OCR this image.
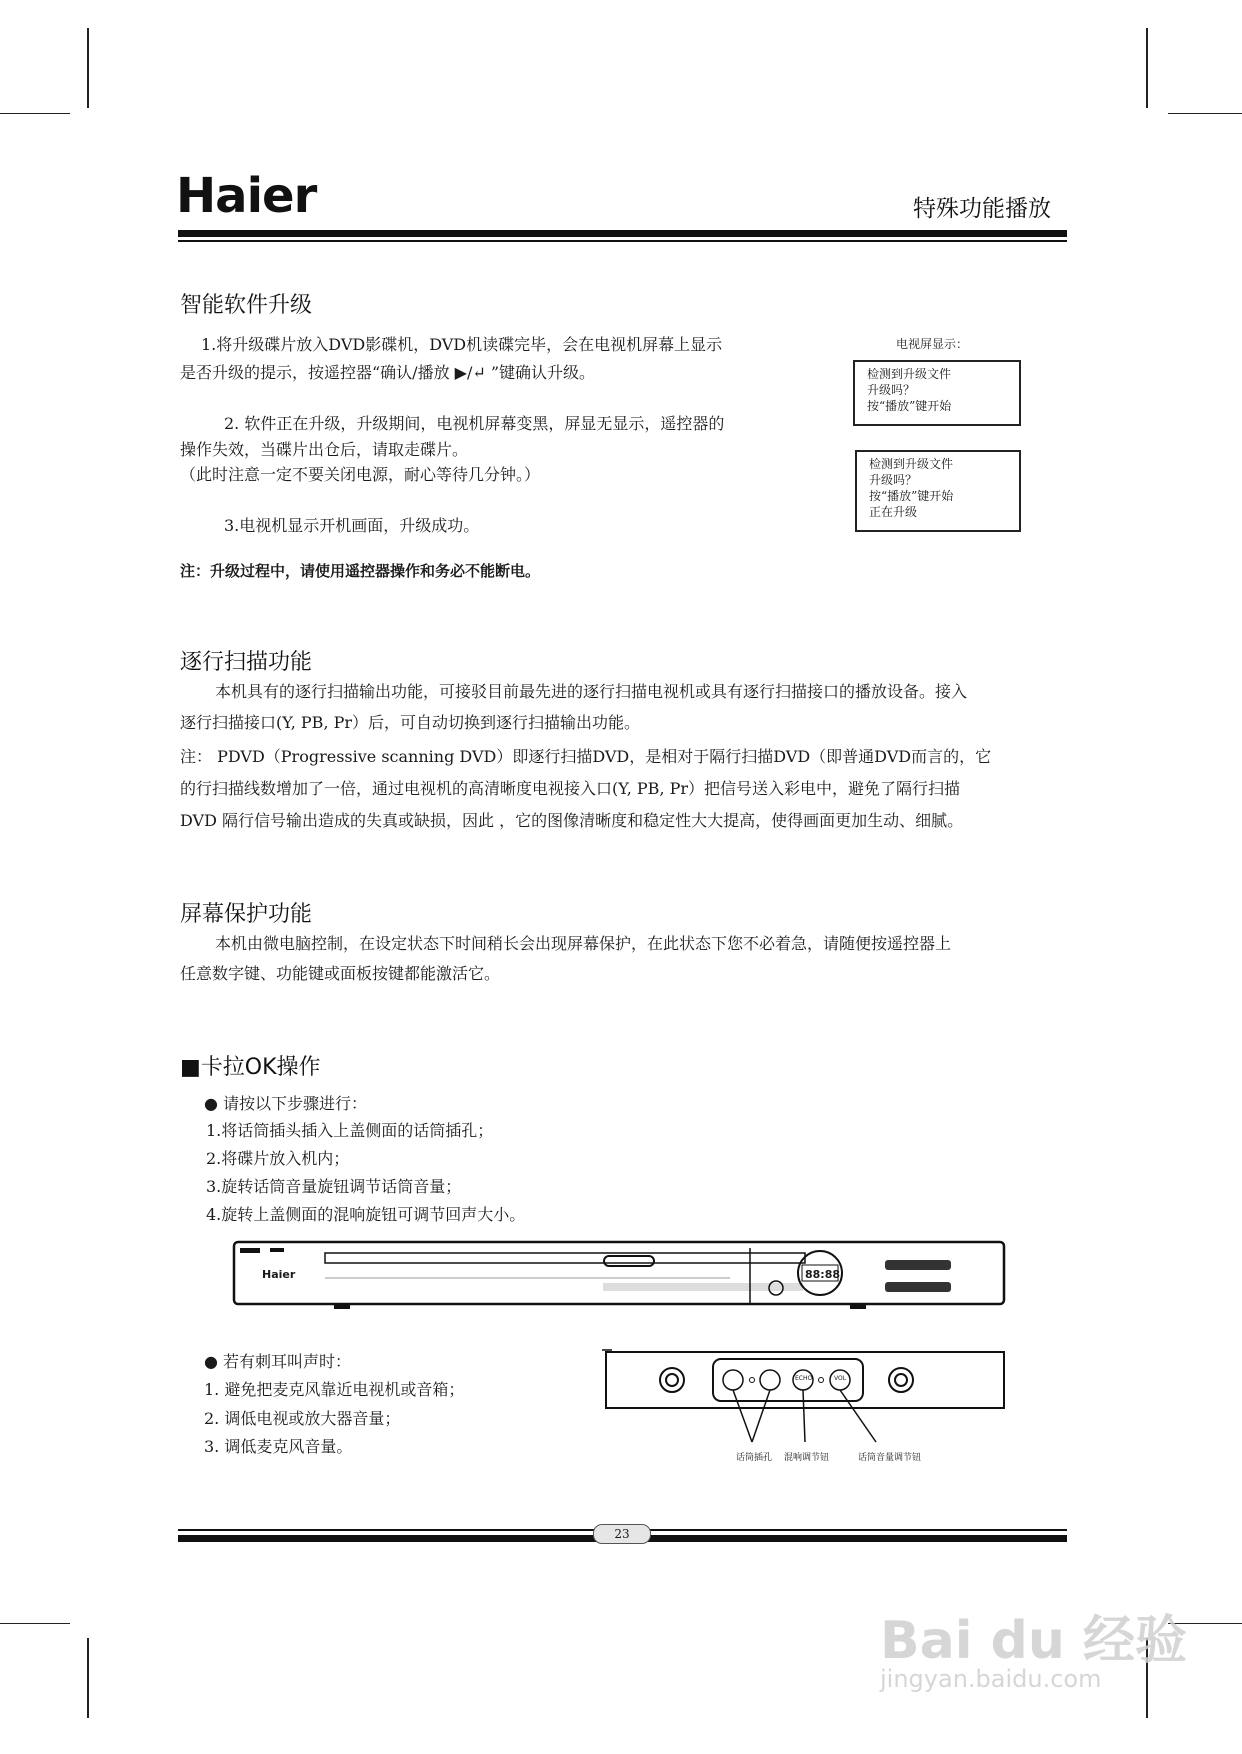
Haier	特殊功能播放
智能软件升级
1.将升级碟片放入DVD影碟机，DVD机读碟完毕，会在电视机屏幕上显示
是否升级的提示，按遥控器“确认/播放 ▶/↵ ”键确认升级。
2. 软件正在升级，升级期间，电视机屏幕变黑，屏显无显示，遥控器的
操作失效，当碟片出仓后，请取走碟片。
（此时注意一定不要关闭电源，耐心等待几分钟。）
3.电视机显示开机画面，升级成功。
注：升级过程中，请使用遥控器操作和务必不能断电。
电视屏显示：
检测到升级文件
升级吗？
按“播放”键开始
检测到升级文件
升级吗？
按“播放”键开始
正在升级
逐行扫描功能
本机具有的逐行扫描输出功能，可接驳目前最先进的逐行扫描电视机或具有逐行扫描接口的播放设备。接入
逐行扫描接口(Y, PB, Pr）后，可自动切换到逐行扫描输出功能。
注： PDVD（Progressive scanning DVD）即逐行扫描DVD，是相对于隔行扫描DVD（即普通DVD而言的，它
的行扫描线数增加了一倍，通过电视机的高清晰度电视接入口(Y, PB, Pr）把信号送入彩电中，避免了隔行扫描
DVD 隔行信号输出造成的失真或缺损，因此 ，它的图像清晰度和稳定性大大提高，使得画面更加生动、细腻。
屏幕保护功能
本机由微电脑控制，在设定状态下时间稍长会出现屏幕保护，在此状态下您不必着急，请随便按遥控器上
任意数字键、功能键或面板按键都能激活它。
■卡拉OK操作
● 请按以下步骤进行：
1.将话筒插头插入上盖侧面的话筒插孔；
2.将碟片放入机内；
3.旋转话筒音量旋钮调节话筒音量；
4.旋转上盖侧面的混响旋钮可调节回声大小。
Haier	88:88
● 若有刺耳叫声时：
1. 避免把麦克风靠近电视机或音箱；
2. 调低电视或放大器音量；
3. 调低麦克风音量。
ECHO	VOL
话筒插孔 混响调节钮	话筒音量调节钮
23
Bai du 经验
jingyan.baidu.com
